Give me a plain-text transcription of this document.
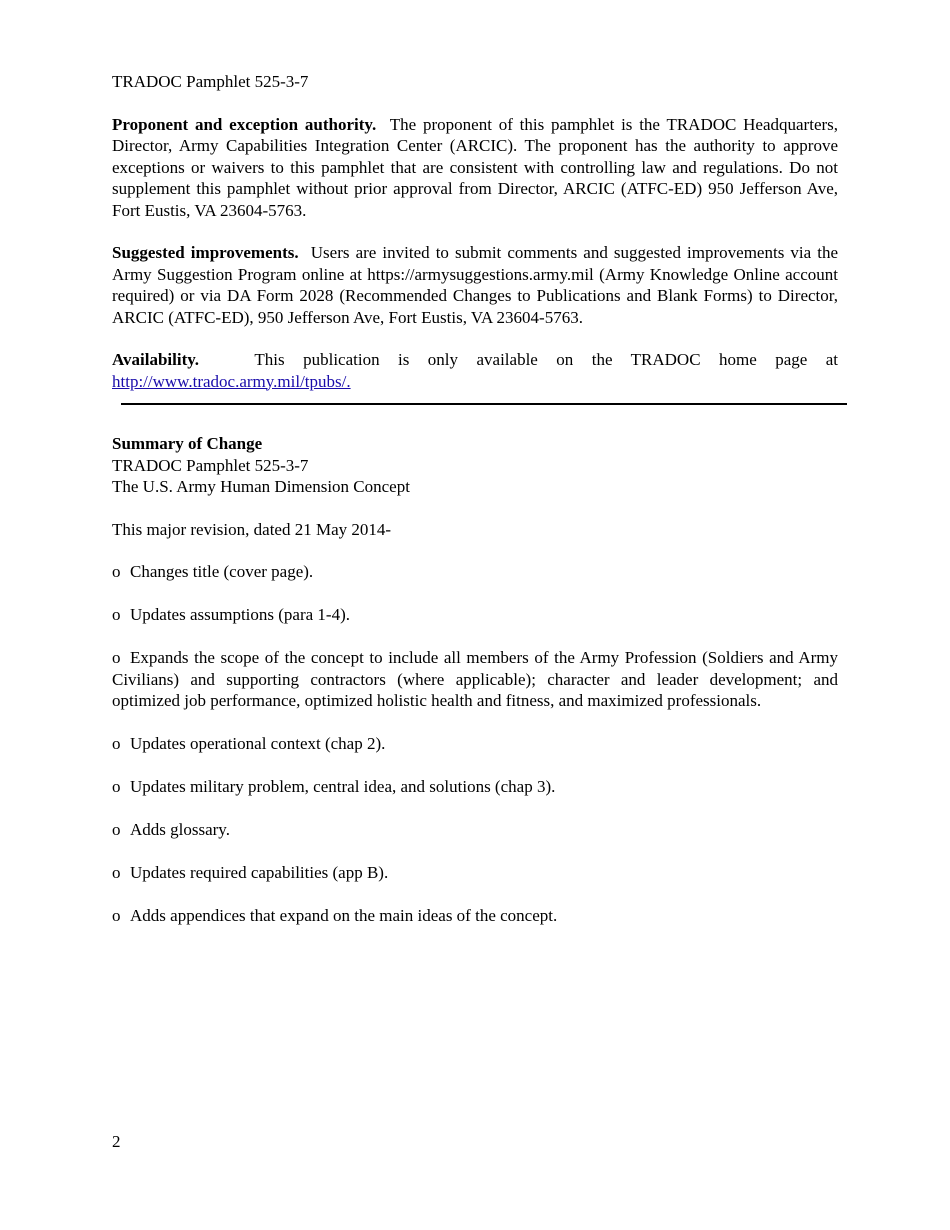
TRADOC Pamphlet 525-3-7

Proponent and exception authority. The proponent of this pamphlet is the TRADOC Headquarters, Director, Army Capabilities Integration Center (ARCIC). The proponent has the authority to approve exceptions or waivers to this pamphlet that are consistent with controlling law and regulations. Do not supplement this pamphlet without prior approval from Director, ARCIC (ATFC-ED) 950 Jefferson Ave, Fort Eustis, VA 23604-5763.

Suggested improvements. Users are invited to submit comments and suggested improvements via the Army Suggestion Program online at https://armysuggestions.army.mil (Army Knowledge Online account required) or via DA Form 2028 (Recommended Changes to Publications and Blank Forms) to Director, ARCIC (ATFC-ED), 950 Jefferson Ave, Fort Eustis, VA 23604-5763.

Availability.	This publication is only available on the TRADOC home page at http://www.tradoc.army.mil/tpubs/.

Summary of Change

TRADOC Pamphlet 525-3-7

The U.S. Army Human Dimension Concept

This major revision, dated 21 May 2014-

o Changes title (cover page).

o Updates assumptions (para 1-4).

o Expands the scope of the concept to include all members of the Army Profession (Soldiers and Army Civilians) and supporting contractors (where applicable); character and leader development; and optimized job performance, optimized holistic health and fitness, and maximized professionals.

o Updates operational context (chap 2).

o Updates military problem, central idea, and solutions (chap 3).

o Adds glossary.

o Updates required capabilities (app B).

o Adds appendices that expand on the main ideas of the concept.

2
